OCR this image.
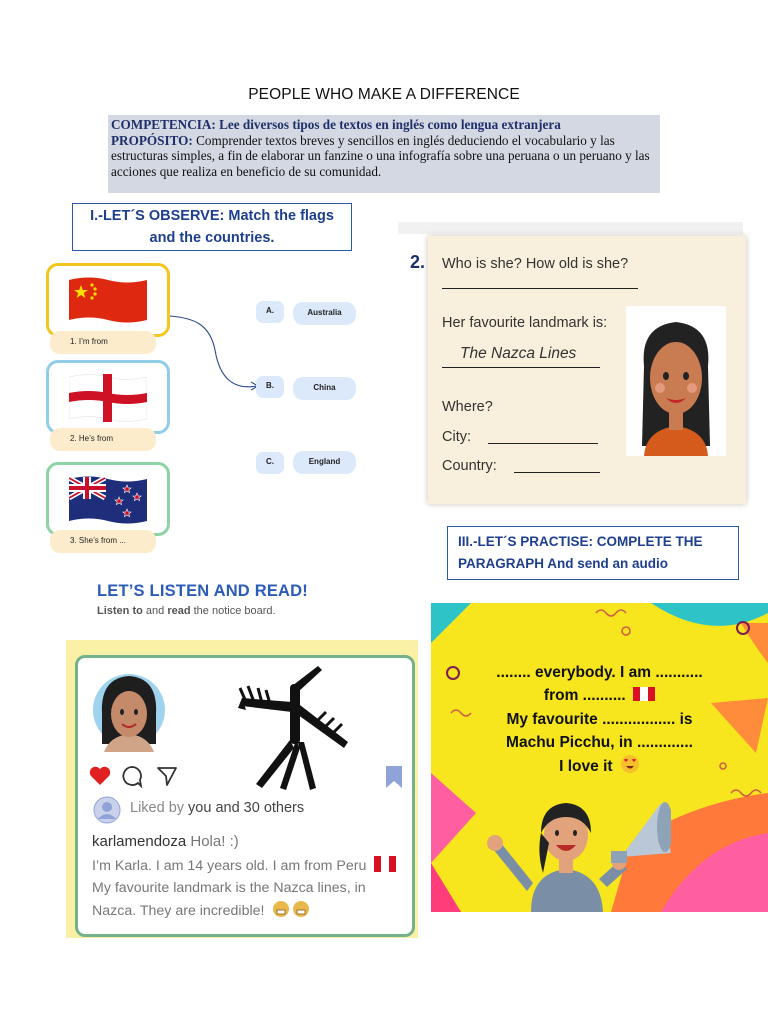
PEOPLE WHO MAKE A DIFFERENCE
COMPETENCIA: Lee diversos tipos de textos en inglés como lengua extranjera
PROPÓSITO: Comprender textos breves y sencillos en inglés deduciendo el vocabulario y las estructuras simples, a fin de elaborar un fanzine o una infografía sobre una peruana o un peruano y las acciones que realiza en beneficio de su comunidad.
I.-LET´S OBSERVE: Match the flags
and the countries.
1. I’m from
2. He’s from
3. She’s from ...
A.	Australia
B.	China
C.	England
2. Who is she? How old is she?
Her favourite landmark is:
The Nazca Lines
Where?
City:
Country:
III.-LET´S PRACTISE: COMPLETE THE
PARAGRAPH And send an audio
LET’S LISTEN AND READ!
Listen to and read the notice board.
Liked by you and 30 others
karlamendoza Hola! :)
I’m Karla. I am 14 years old. I am from Peru
My favourite landmark is the Nazca lines, in
Nazca. They are incredible!
........ everybody. I am ...........
from ..........
My favourite ................. is
Machu Picchu, in .............
I love it
